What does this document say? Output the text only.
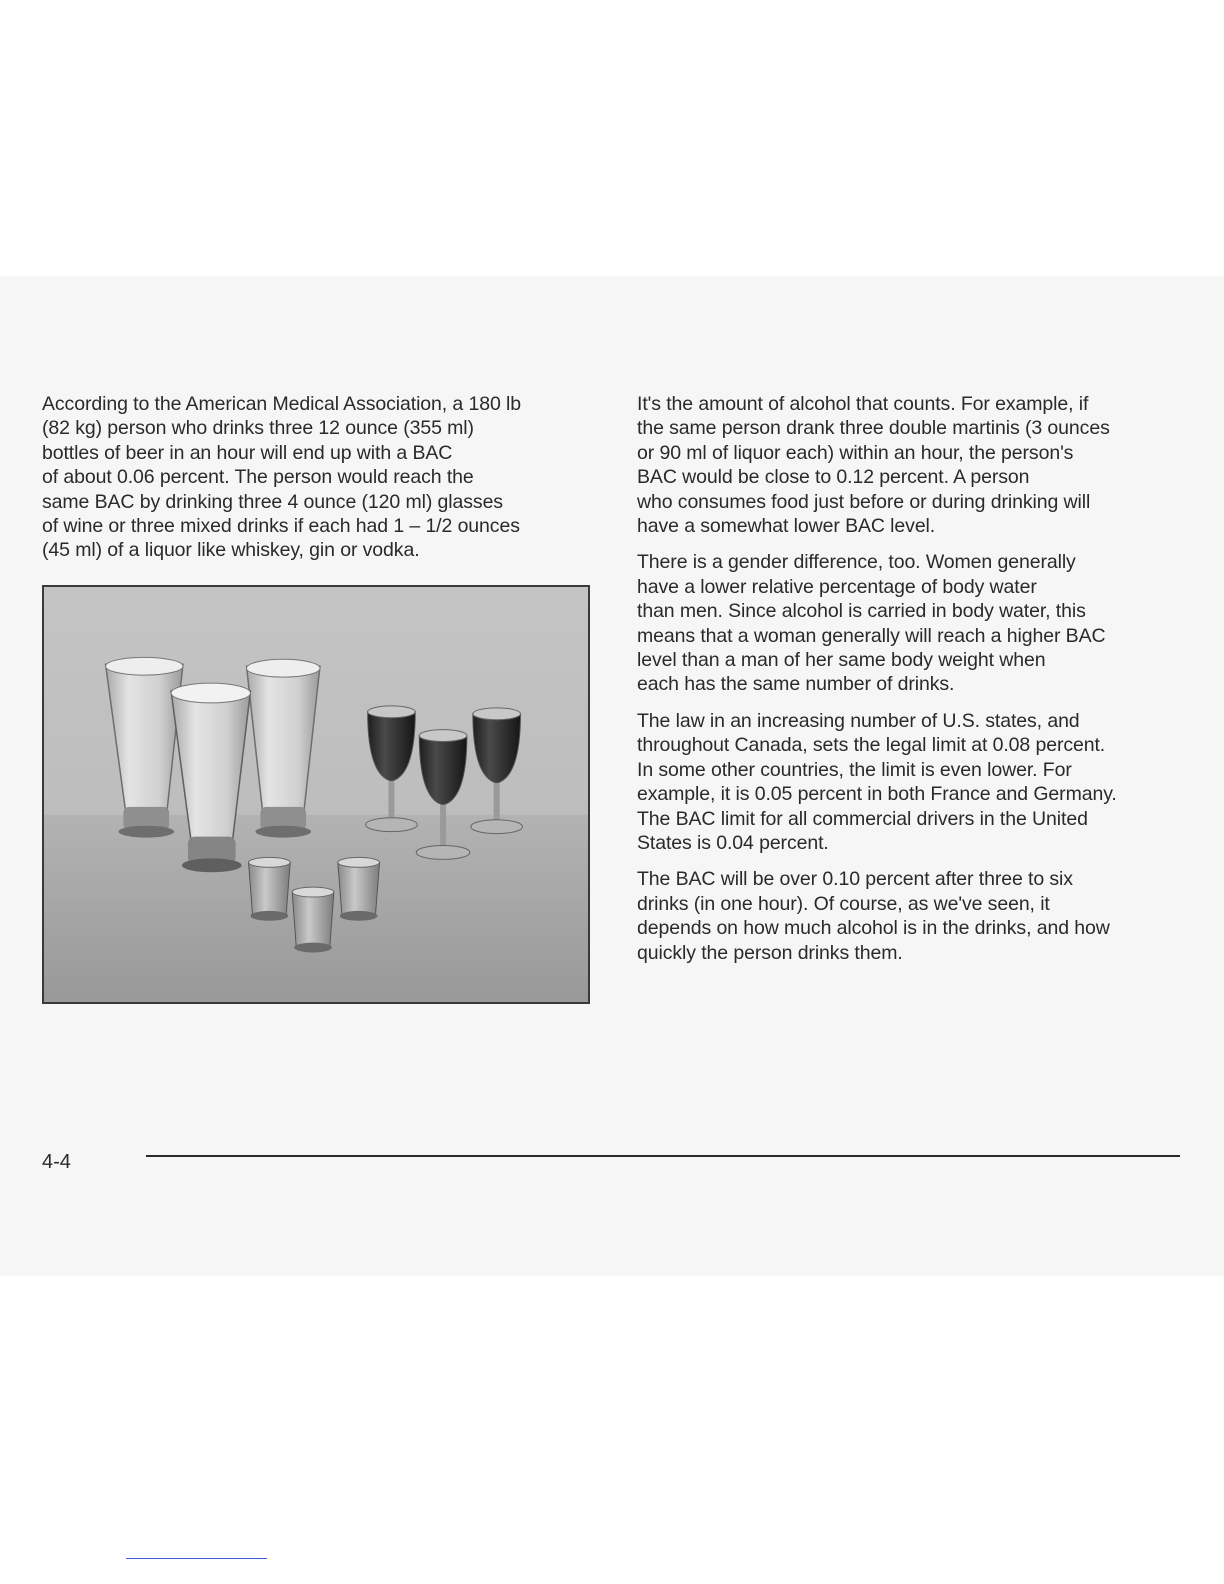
According to the American Medical Association, a 180 lb
(82 kg) person who drinks three 12 ounce (355 ml)
bottles of beer in an hour will end up with a BAC
of about 0.06 percent. The person would reach the
same BAC by drinking three 4 ounce (120 ml) glasses
of wine or three mixed drinks if each had 1 – 1/2 ounces
(45 ml) of a liquor like whiskey, gin or vodka.

It's the amount of alcohol that counts. For example, if
the same person drank three double martinis (3 ounces
or 90 ml of liquor each) within an hour, the person's
BAC would be close to 0.12 percent. A person
who consumes food just before or during drinking will
have a somewhat lower BAC level.

There is a gender difference, too. Women generally
have a lower relative percentage of body water
than men. Since alcohol is carried in body water, this
means that a woman generally will reach a higher BAC
level than a man of her same body weight when
each has the same number of drinks.

The law in an increasing number of U.S. states, and
throughout Canada, sets the legal limit at 0.08 percent.
In some other countries, the limit is even lower. For
example, it is 0.05 percent in both France and Germany.
The BAC limit for all commercial drivers in the United
States is 0.04 percent.

The BAC will be over 0.10 percent after three to six
drinks (in one hour). Of course, as we've seen, it
depends on how much alcohol is in the drinks, and how
quickly the person drinks them.

4-4
